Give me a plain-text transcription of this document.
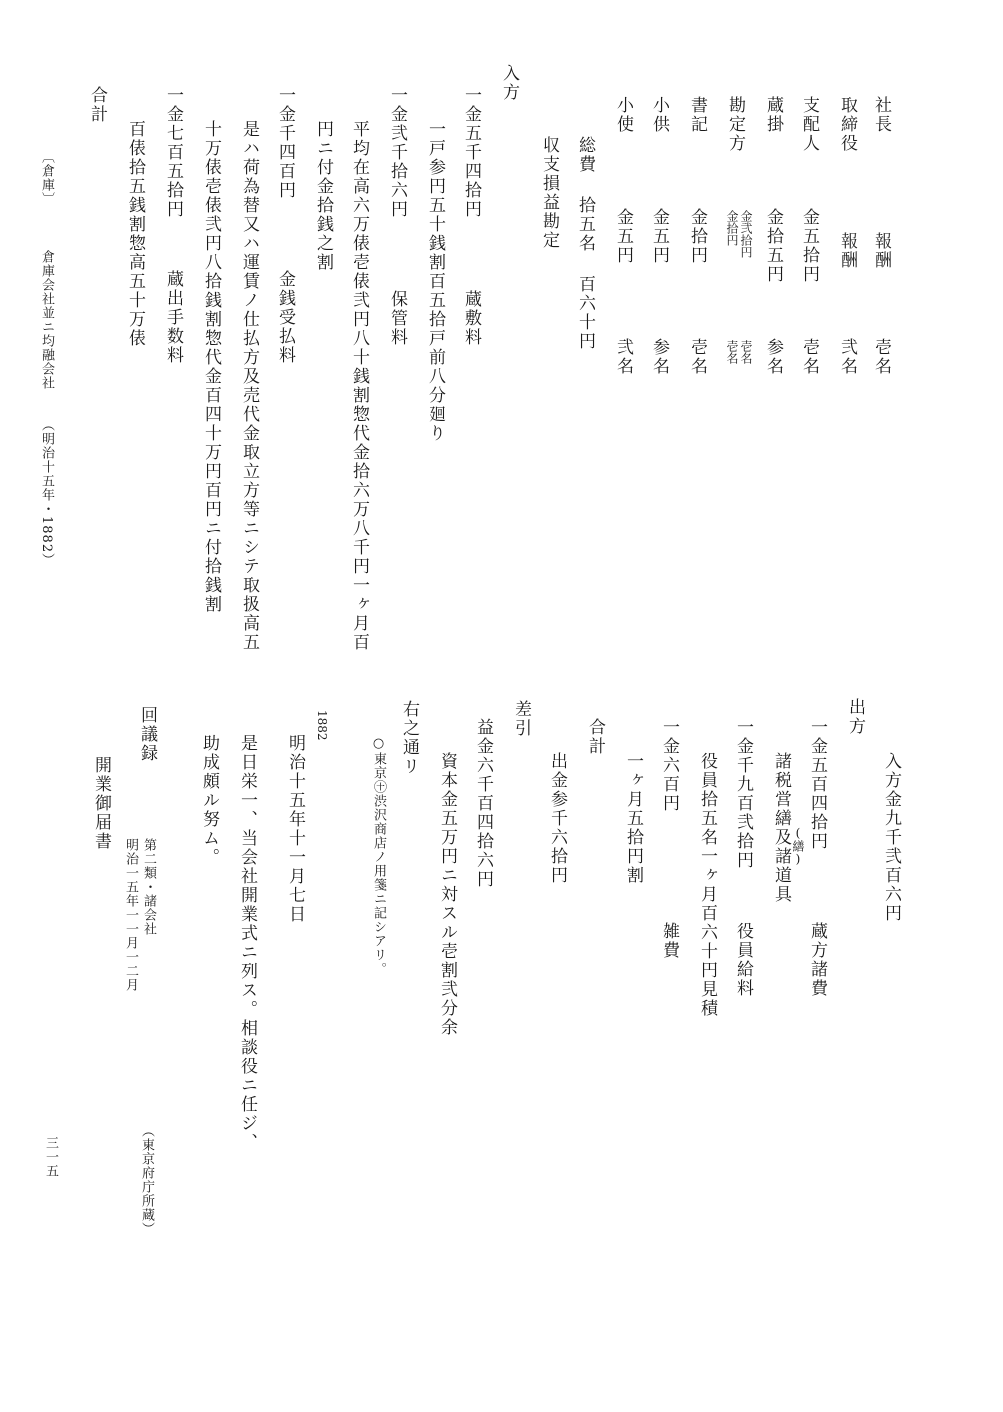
社長
報酬
壱名
取締役
報酬
弐名
支配人
金五拾円
壱名
蔵掛
金拾五円
参名
勘定方
金弐拾円
金拾円
壱名
壱名
書記
金拾円
壱名
小供
金五円
参名
小使
金五円
弐名
総費 拾五名 百六十円
収支損益勘定
入方
一金五千四拾円
蔵敷料
一戸参円五十銭割百五拾戸前八分廻り
一金弐千拾六円
保管料
平均在高六万俵壱俵弐円八十銭割惣代金拾六万八千円一ヶ月百
円ニ付金拾銭之割
一金千四百円
金銭受払料
是ハ荷為替又ハ運賃ノ仕払方及売代金取立方等ニシテ取扱高五
十万俵壱俵弐円八拾銭割惣代金百四十万円百円ニ付拾銭割
一金七百五拾円
蔵出手数料
百俵拾五銭割惣高五十万俵
合計
〔倉庫〕
倉庫会社並ニ均融会社
（明治十五年・1882）
入方金九千弐百六円
出方
一金五百四拾円
蔵方諸費
諸税営繕及諸道具 (繕)
一金千九百弐拾円
役員給料
役員拾五名一ヶ月百六十円見積
一金六百円
雑費
一ヶ月五拾円割
合計
出金参千六拾円
差引
益金六千百四拾六円
資本金五万円ニ対スル壱割弐分余
右之通リ
○東京㊉渋沢商店ノ用箋ニ記シアリ。
1882
明治十五年十一月七日
是日栄一、当会社開業式ニ列ス。相談役ニ任ジ、
助成頗ル努ム。
回議録
第二類・諸会社
明治一五年一一月一二月
開業御届書
（東京府庁所蔵）
三一五
